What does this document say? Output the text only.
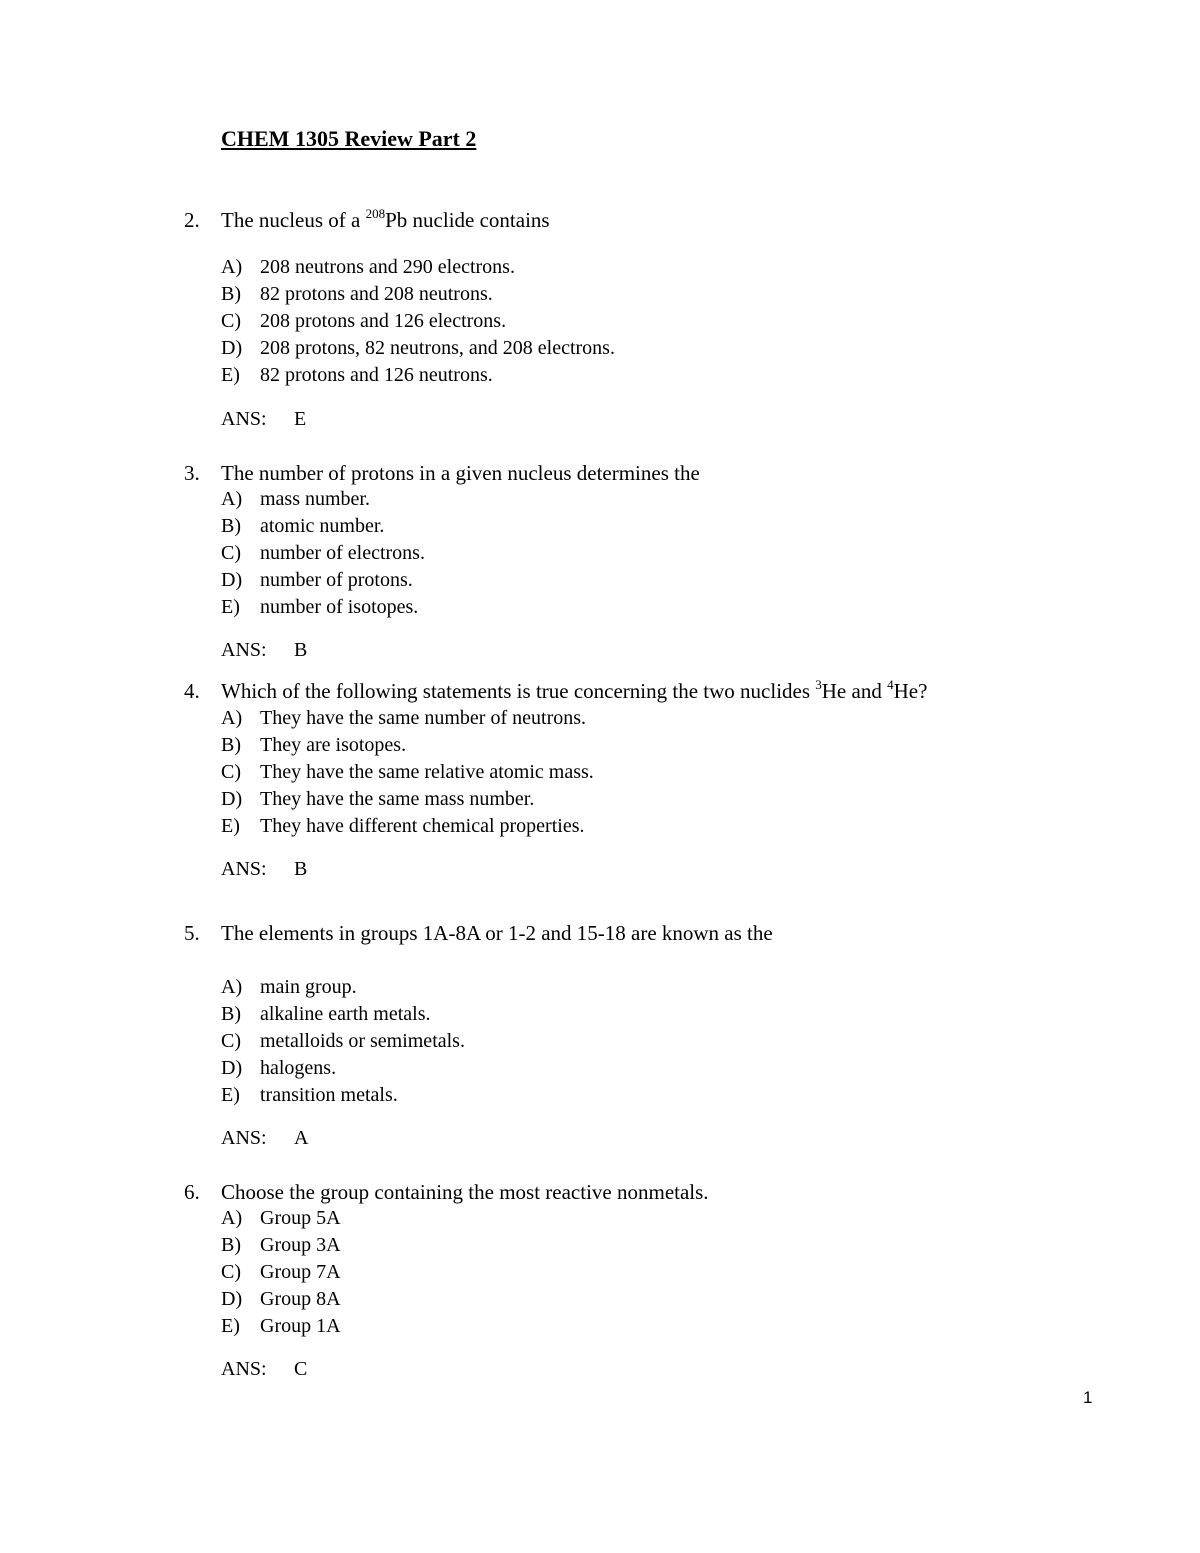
CHEM 1305 Review Part 2
2. The nucleus of a $^{208}$Pb nuclide contains
A) 208 neutrons and 290 electrons.
B) 82 protons and 208 neutrons.
C) 208 protons and 126 electrons.
D) 208 protons, 82 neutrons, and 208 electrons.
E) 82 protons and 126 neutrons.
ANS: E
3. The number of protons in a given nucleus determines the
A) mass number.
B) atomic number.
C) number of electrons.
D) number of protons.
E) number of isotopes.
ANS: B
4. Which of the following statements is true concerning the two nuclides $^3$He and $^4$He?
A) They have the same number of neutrons.
B) They are isotopes.
C) They have the same relative atomic mass.
D) They have the same mass number.
E) They have different chemical properties.
ANS: B
5. The elements in groups 1A-8A or 1-2 and 15-18 are known as the
A) main group.
B) alkaline earth metals.
C) metalloids or semimetals.
D) halogens.
E) transition metals.
ANS: A
6. Choose the group containing the most reactive nonmetals.
A) Group 5A
B) Group 3A
C) Group 7A
D) Group 8A
E) Group 1A
ANS: C
1
